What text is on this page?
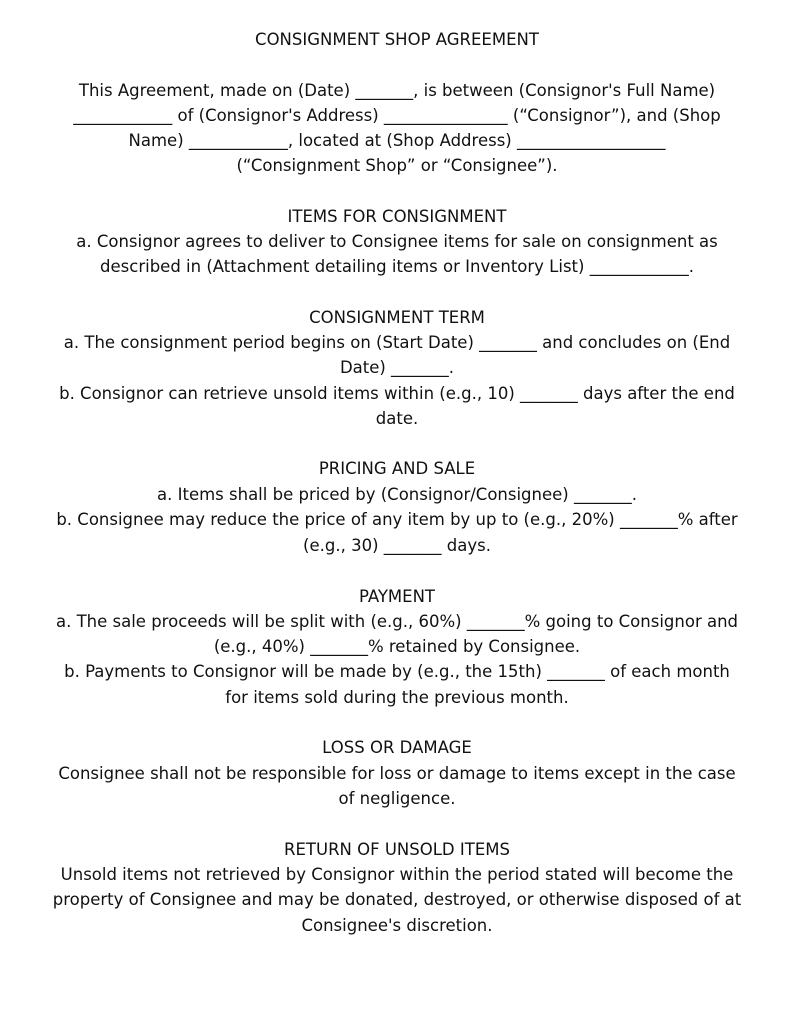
CONSIGNMENT SHOP AGREEMENT

This Agreement, made on (Date) _______, is between (Consignor's Full Name)

____________ of (Consignor's Address) _______________ (“Consignor”), and (Shop

Name) ____________, located at (Shop Address) __________________

(“Consignment Shop” or “Consignee”).

ITEMS FOR CONSIGNMENT

a. Consignor agrees to deliver to Consignee items for sale on consignment as

described in (Attachment detailing items or Inventory List) ____________.

CONSIGNMENT TERM

a. The consignment period begins on (Start Date) _______ and concludes on (End

Date) _______.

b. Consignor can retrieve unsold items within (e.g., 10) _______ days after the end

date.

PRICING AND SALE

a. Items shall be priced by (Consignor/Consignee) _______.

b. Consignee may reduce the price of any item by up to (e.g., 20%) _______% after

(e.g., 30) _______ days.

PAYMENT

a. The sale proceeds will be split with (e.g., 60%) _______% going to Consignor and

(e.g., 40%) _______% retained by Consignee.

b. Payments to Consignor will be made by (e.g., the 15th) _______ of each month

for items sold during the previous month.

LOSS OR DAMAGE

Consignee shall not be responsible for loss or damage to items except in the case

of negligence.

RETURN OF UNSOLD ITEMS

Unsold items not retrieved by Consignor within the period stated will become the

property of Consignee and may be donated, destroyed, or otherwise disposed of at

Consignee's discretion.
